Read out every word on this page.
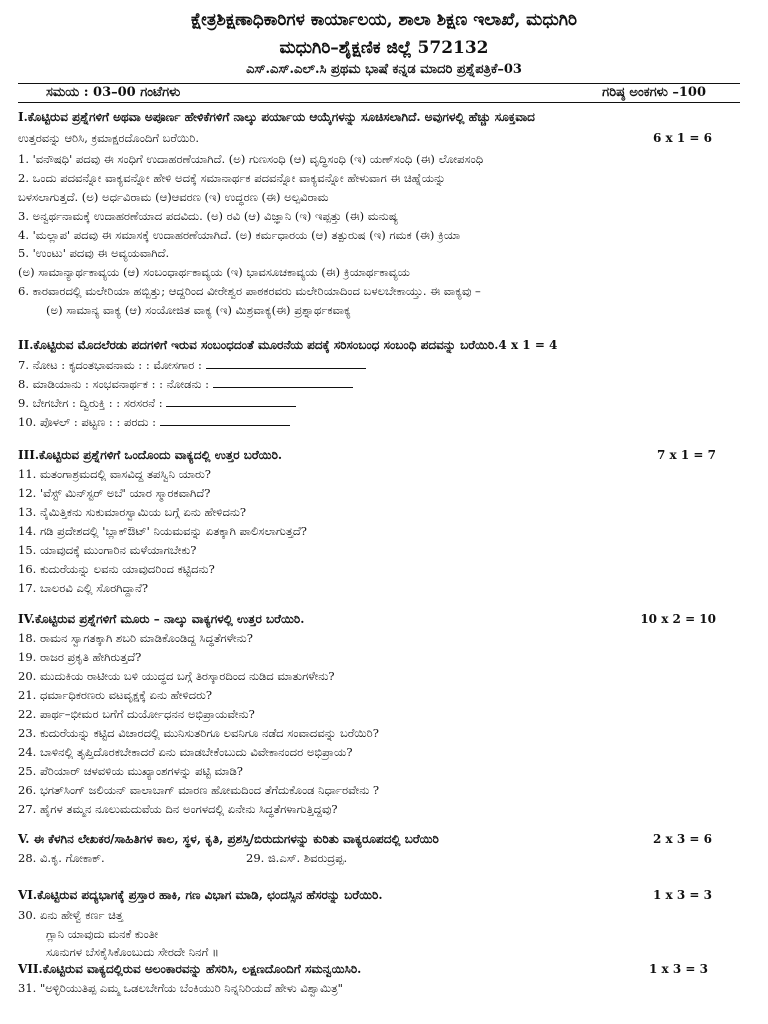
ಕ್ಷೇತ್ರಶಿಕ್ಷಣಾಧಿಕಾರಿಗಳ ಕಾರ್ಯಾಲಯ, ಶಾಲಾ ಶಿಕ್ಷಣ ಇಲಾಖೆ, ಮಧುಗಿರಿ
ಮಧುಗಿರಿ–ಶೈಕ್ಷಣಿಕ ಜಿಲ್ಲೆ 572132
ಎಸ್.ಎಸ್.ಎಲ್.ಸಿ ಪ್ರಥಮ ಭಾಷೆ ಕನ್ನಡ ಮಾದರಿ ಪ್ರಶ್ನೆಪತ್ರಿಕೆ–03
ಸಮಯ : 03–00 ಗಂಟೆಗಳು	ಗರಿಷ್ಠ ಅಂಕಗಳು –100
I.ಕೊಟ್ಟಿರುವ ಪ್ರಶ್ನೆಗಳಿಗೆ ಅಥವಾ ಅಪೂರ್ಣ ಹೇಳಿಕೆಗಳಿಗೆ ನಾಲ್ಕು ಪರ್ಯಾಯ ಆಯ್ಕೆಗಳನ್ನು ಸೂಚಿಸಲಾಗಿದೆ. ಅವುಗಳಲ್ಲಿ ಹೆಚ್ಚು ಸೂಕ್ತವಾದ
ಉತ್ತರವನ್ನು ಆರಿಸಿ, ಕ್ರಮಾಕ್ಷರದೊಂದಿಗೆ ಬರೆಯಿರಿ.	6 x 1 = 6
1. 'ವನೌಷಧಿ' ಪದವು ಈ ಸಂಧಿಗೆ ಉದಾಹರಣೆಯಾಗಿದೆ. (ಅ) ಗುಣಸಂಧಿ (ಆ) ವೃದ್ಧಿಸಂಧಿ (ಇ) ಯಣ್‌ಸಂಧಿ (ಈ) ಲೋಪಸಂಧಿ
2. ಒಂದು ಪದವನ್ನೋ ವಾಕ್ಯವನ್ನೋ ಹೇಳಿ ಅದಕ್ಕೆ ಸಮಾನಾರ್ಥಕ ಪದವನ್ನೋ ವಾಕ್ಯವನ್ನೋ ಹೇಳುವಾಗ ಈ ಚಿಹ್ನೆಯನ್ನು
ಬಳಸಲಾಗುತ್ತದೆ. (ಅ) ಅರ್ಧವಿರಾಮ (ಆ)ಆವರಣ (ಇ) ಉದ್ಧರಣ (ಈ) ಅಲ್ಪವಿರಾಮ
3. ಅನ್ವರ್ಥನಾಮಕ್ಕೆ ಉದಾಹರಣೆಯಾದ ಪದವಿದು. (ಅ) ರವಿ (ಆ) ವಿಜ್ಞಾನಿ (ಇ) ಇಪ್ಪತ್ತು (ಈ) ಮನುಷ್ಯ
4. 'ಮಲ್ಲಾಪ' ಪದವು ಈ ಸಮಾಸಕ್ಕೆ ಉದಾಹರಣೆಯಾಗಿದೆ. (ಅ) ಕರ್ಮಧಾರಯ (ಆ) ತತ್ಪುರುಷ (ಇ) ಗಮಕ (ಈ) ಕ್ರಿಯಾ
5. 'ಉಂಟು' ಪದವು ಈ ಅವ್ಯಯವಾಗಿದೆ.
(ಅ) ಸಾಮಾನ್ಯಾರ್ಥಕಾವ್ಯಯ (ಆ) ಸಂಬಂಧಾರ್ಥಕಾವ್ಯಯ (ಇ) ಭಾವಸೂಚಕಾವ್ಯಯ (ಈ) ಕ್ರಿಯಾರ್ಥಕಾವ್ಯಯ
6. ಕಾರವಾರದಲ್ಲಿ ಮಲೇರಿಯಾ ಹಬ್ಬಿತ್ತು; ಆದ್ದರಿಂದ ವೀರೇಶ್ವರ ಪಾಠಕರವರು ಮಲೇರಿಯಾದಿಂದ ಬಳಲಬೇಕಾಯ್ತು. ಈ ವಾಕ್ಯವು –
(ಅ) ಸಾಮಾನ್ಯ ವಾಕ್ಯ (ಆ) ಸಂಯೋಜಿತ ವಾಕ್ಯ (ಇ) ಮಿಶ್ರವಾಕ್ಯ(ಈ) ಪ್ರಶ್ನಾರ್ಥಕವಾಕ್ಯ
II.ಕೊಟ್ಟಿರುವ ಮೊದಲೆರಡು ಪದಗಳಿಗೆ ಇರುವ ಸಂಬಂಧದಂತೆ ಮೂರನೆಯ ಪದಕ್ಕೆ ಸರಿಸಂಬಂಧ ಸಂಬಂಧಿ ಪದವನ್ನು ಬರೆಯಿರಿ.4 x 1 = 4
7. ನೋಟ : ಕೃದಂತಭಾವನಾಮ : : ಮೋಸಗಾರ :
8. ಮಾಡಿಯಾನು : ಸಂಭವನಾರ್ಥಕ : : ನೋಡನು :
9. ಬೇಗಬೇಗ : ದ್ವಿರುಕ್ತಿ : : ಸರಸರನೆ :
10. ಪೊಳಲ್ : ಪಟ್ಟಣ : : ಪರದು :
III.ಕೊಟ್ಟಿರುವ ಪ್ರಶ್ನೆಗಳಿಗೆ ಒಂದೊಂದು ವಾಕ್ಯದಲ್ಲಿ ಉತ್ತರ ಬರೆಯಿರಿ.	7 x 1 = 7
11. ಮತಂಗಾಶ್ರಮದಲ್ಲಿ ವಾಸವಿದ್ದ ತಪಸ್ವಿನಿ ಯಾರು?
12. 'ವೆಸ್ಟ್ ಮಿನ್‌ಸ್ಟರ್ ಅಬೆ' ಯಾರ ಸ್ಮಾರಕವಾಗಿದೆ?
13. ನೈಮಿತ್ತಿಕನು ಸುಕುಮಾರಸ್ವಾಮಿಯ ಬಗ್ಗೆ ಏನು ಹೇಳಿದನು?
14. ಗಡಿ ಪ್ರದೇಶದಲ್ಲಿ 'ಬ್ಲಾಕ್‌ಔಟ್' ನಿಯಮವನ್ನು ಏತಕ್ಕಾಗಿ ಪಾಲಿಸಲಾಗುತ್ತದೆ?
15. ಯಾವುದಕ್ಕೆ ಮುಂಗಾರಿನ ಮಳೆಯಾಗಬೇಕು?
16. ಕುದುರೆಯನ್ನು ಲವನು ಯಾವುದರಿಂದ ಕಟ್ಟಿದನು?
17. ಬಾಲರವಿ ಎಲ್ಲಿ ಸೊರಗಿದ್ದಾನೆ?
IV.ಕೊಟ್ಟಿರುವ ಪ್ರಶ್ನೆಗಳಿಗೆ ಮೂರು – ನಾಲ್ಕು ವಾಕ್ಯಗಳಲ್ಲಿ ಉತ್ತರ ಬರೆಯಿರಿ.	10 x 2 = 10
18. ರಾಮನ ಸ್ವಾಗತಕ್ಕಾಗಿ ಶಬರಿ ಮಾಡಿಕೊಂಡಿದ್ದ ಸಿದ್ಧತೆಗಳೇನು?
19. ರಾಜರ ಪ್ರಕೃತಿ ಹೇಗಿರುತ್ತದೆ?
20. ಮುದುಕಿಯ ರಾಟೀಯ ಬಳಿ ಯುದ್ಧದ ಬಗ್ಗೆ ತಿರಸ್ಕಾರದಿಂದ ನುಡಿದ ಮಾತುಗಳೇನು?
21. ಧರ್ಮಾಧಿಕರಣರು ವಟವೃಕ್ಷಕ್ಕೆ ಏನು ಹೇಳಿದರು?
22. ಪಾರ್ಥ–ಭೀಮರ ಬಗೆಗೆ ದುರ್ಯೋಧನನ ಅಭಿಪ್ರಾಯವೇನು?
23. ಕುದುರೆಯನ್ನು ಕಟ್ಟಿದ ವಿಚಾರದಲ್ಲಿ ಮುನಿಸುತರಿಗೂ ಲವನಿಗೂ ನಡೆದ ಸಂವಾದವನ್ನು ಬರೆಯಿರಿ?
24. ಬಾಳಿನಲ್ಲಿ ತೃಪ್ತಿದೊರಕಬೇಕಾದರೆ ಏನು ಮಾಡಬೇಕೆಂಬುದು ವಿವೇಕಾನಂದರ ಅಭಿಪ್ರಾಯ?
25. ಪೆರಿಯಾರ್ ಚಳವಳಿಯ ಮುಖ್ಯಾಂಶಗಳನ್ನು ಪಟ್ಟಿ ಮಾಡಿ?
26. ಭಗತ್‌ಸಿಂಗ್ ಜಲಿಯನ್ ವಾಲಾಬಾಗ್ ಮಾರಣ ಹೋಮದಿಂದ ತೆಗೆದುಕೊಂಡ ನಿರ್ಧಾರವೇನು ?
27. ಹೈಗಳ ತಮ್ಮನ ನೂಲುಮದುವೆಯ ದಿನ ಅಂಗಳದಲ್ಲಿ ಏನೇನು ಸಿದ್ಧತೆಗಳಾಗುತ್ತಿದ್ದವು?
V. ಈ ಕೆಳಗಿನ ಲೇಖಕರ/ಸಾಹಿತಿಗಳ ಕಾಲ, ಸ್ಥಳ, ಕೃತಿ, ಪ್ರಶಸ್ತಿ/ಬಿರುದುಗಳನ್ನು ಕುರಿತು ವಾಕ್ಯರೂಪದಲ್ಲಿ ಬರೆಯಿರಿ	2 x 3 = 6
28. ವಿ.ಕೃ. ಗೋಕಾಕ್.	29. ಜಿ.ಎಸ್. ಶಿವರುದ್ರಪ್ಪ.
VI.ಕೊಟ್ಟಿರುವ ಪದ್ಯಭಾಗಕ್ಕೆ ಪ್ರಸ್ತಾರ ಹಾಕಿ, ಗಣ ವಿಭಾಗ ಮಾಡಿ, ಛಂದಸ್ಸಿನ ಹೆಸರನ್ನು ಬರೆಯಿರಿ.	1 x 3 = 3
30. ಏನು ಹೇಳ್ವೆ ಕರ್ಣ ಚಿತ್ತ
ಗ್ಲಾನಿ ಯಾವುದು ಮನಕೆ ಕುಂತೀ
ಸೂನುಗಳ ಬೆಸಕೈಸಿಕೊಂಬುದು ಸೇರದೇ ನಿನಗೆ ॥
VII.ಕೊಟ್ಟಿರುವ ವಾಕ್ಯದಲ್ಲಿರುವ ಅಲಂಕಾರವನ್ನು ಹೆಸರಿಸಿ, ಲಕ್ಷಣದೊಂದಿಗೆ ಸಮನ್ವಯಿಸಿರಿ.	1 x 3 = 3
31. "ಅಳ್ಳಿರಿಯುತಿಪ್ಪ ಎಮ್ಮ ಒಡಲಬೇಗೆಯ ಬೆಂಕಿಯುರಿ ನಿನ್ನನಿರಿಯದೆ ಹೇಳು ವಿಶ್ವಾಮಿತ್ರ"
